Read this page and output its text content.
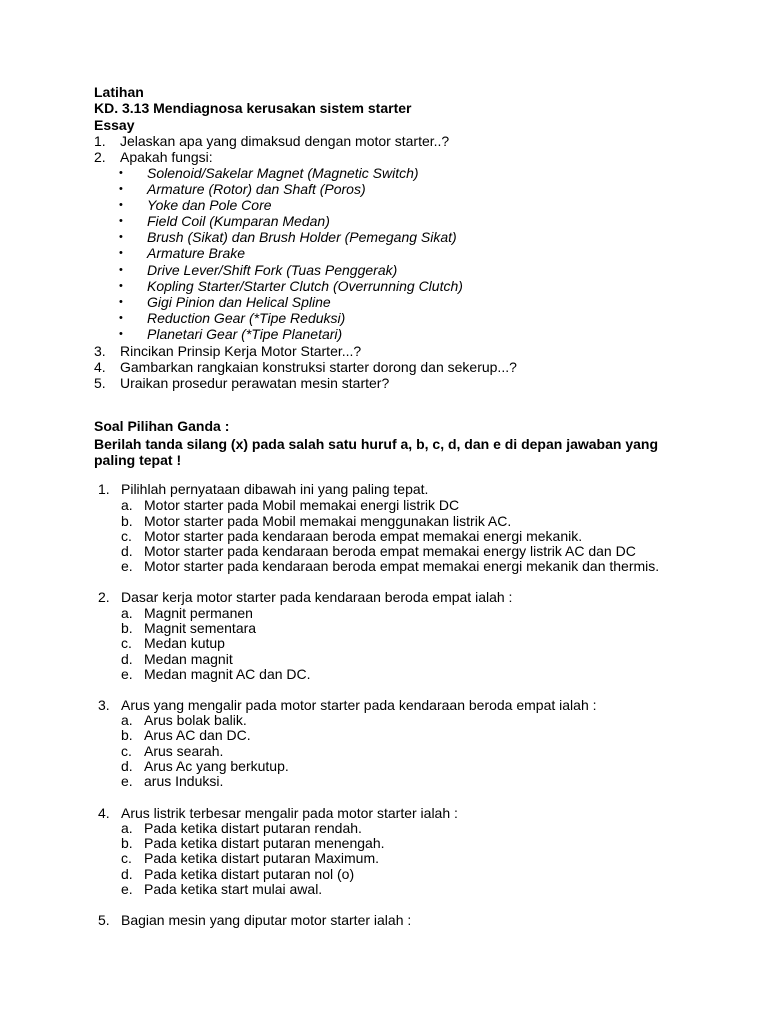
Latihan
KD. 3.13 Mendiagnosa kerusakan sistem starter
Essay
1. Jelaskan apa yang dimaksud dengan motor starter..?
2. Apakah fungsi:
• Solenoid/Sakelar Magnet (Magnetic Switch)
• Armature (Rotor) dan Shaft (Poros)
• Yoke dan Pole Core
• Field Coil (Kumparan Medan)
• Brush (Sikat) dan Brush Holder (Pemegang Sikat)
• Armature Brake
• Drive Lever/Shift Fork (Tuas Penggerak)
• Kopling Starter/Starter Clutch (Overrunning Clutch)
• Gigi Pinion dan Helical Spline
• Reduction Gear (*Tipe Reduksi)
• Planetari Gear (*Tipe Planetari)
3. Rincikan Prinsip Kerja Motor Starter...?
4. Gambarkan rangkaian konstruksi starter dorong dan sekerup...?
5. Uraikan prosedur perawatan mesin starter?
Soal Pilihan Ganda :
Berilah tanda silang (x) pada salah satu huruf a, b, c, d, dan e di depan jawaban yang
paling tepat !
1. Pilihlah pernyataan dibawah ini yang paling tepat.
a. Motor starter pada Mobil memakai energi listrik DC
b. Motor starter pada Mobil memakai menggunakan listrik AC.
c. Motor starter pada kendaraan beroda empat memakai energi mekanik.
d. Motor starter pada kendaraan beroda empat memakai energy listrik AC dan DC
e. Motor starter pada kendaraan beroda empat memakai energi mekanik dan thermis.
2. Dasar kerja motor starter pada kendaraan beroda empat ialah :
a. Magnit permanen
b. Magnit sementara
c. Medan kutup
d. Medan magnit
e. Medan magnit AC dan DC.
3. Arus yang mengalir pada motor starter pada kendaraan beroda empat ialah :
a. Arus bolak balik.
b. Arus AC dan DC.
c. Arus searah.
d. Arus Ac yang berkutup.
e. arus Induksi.
4. Arus listrik terbesar mengalir pada motor starter ialah :
a. Pada ketika distart putaran rendah.
b. Pada ketika distart putaran menengah.
c. Pada ketika distart putaran Maximum.
d. Pada ketika distart putaran nol (o)
e. Pada ketika start mulai awal.
5. Bagian mesin yang diputar motor starter ialah :
